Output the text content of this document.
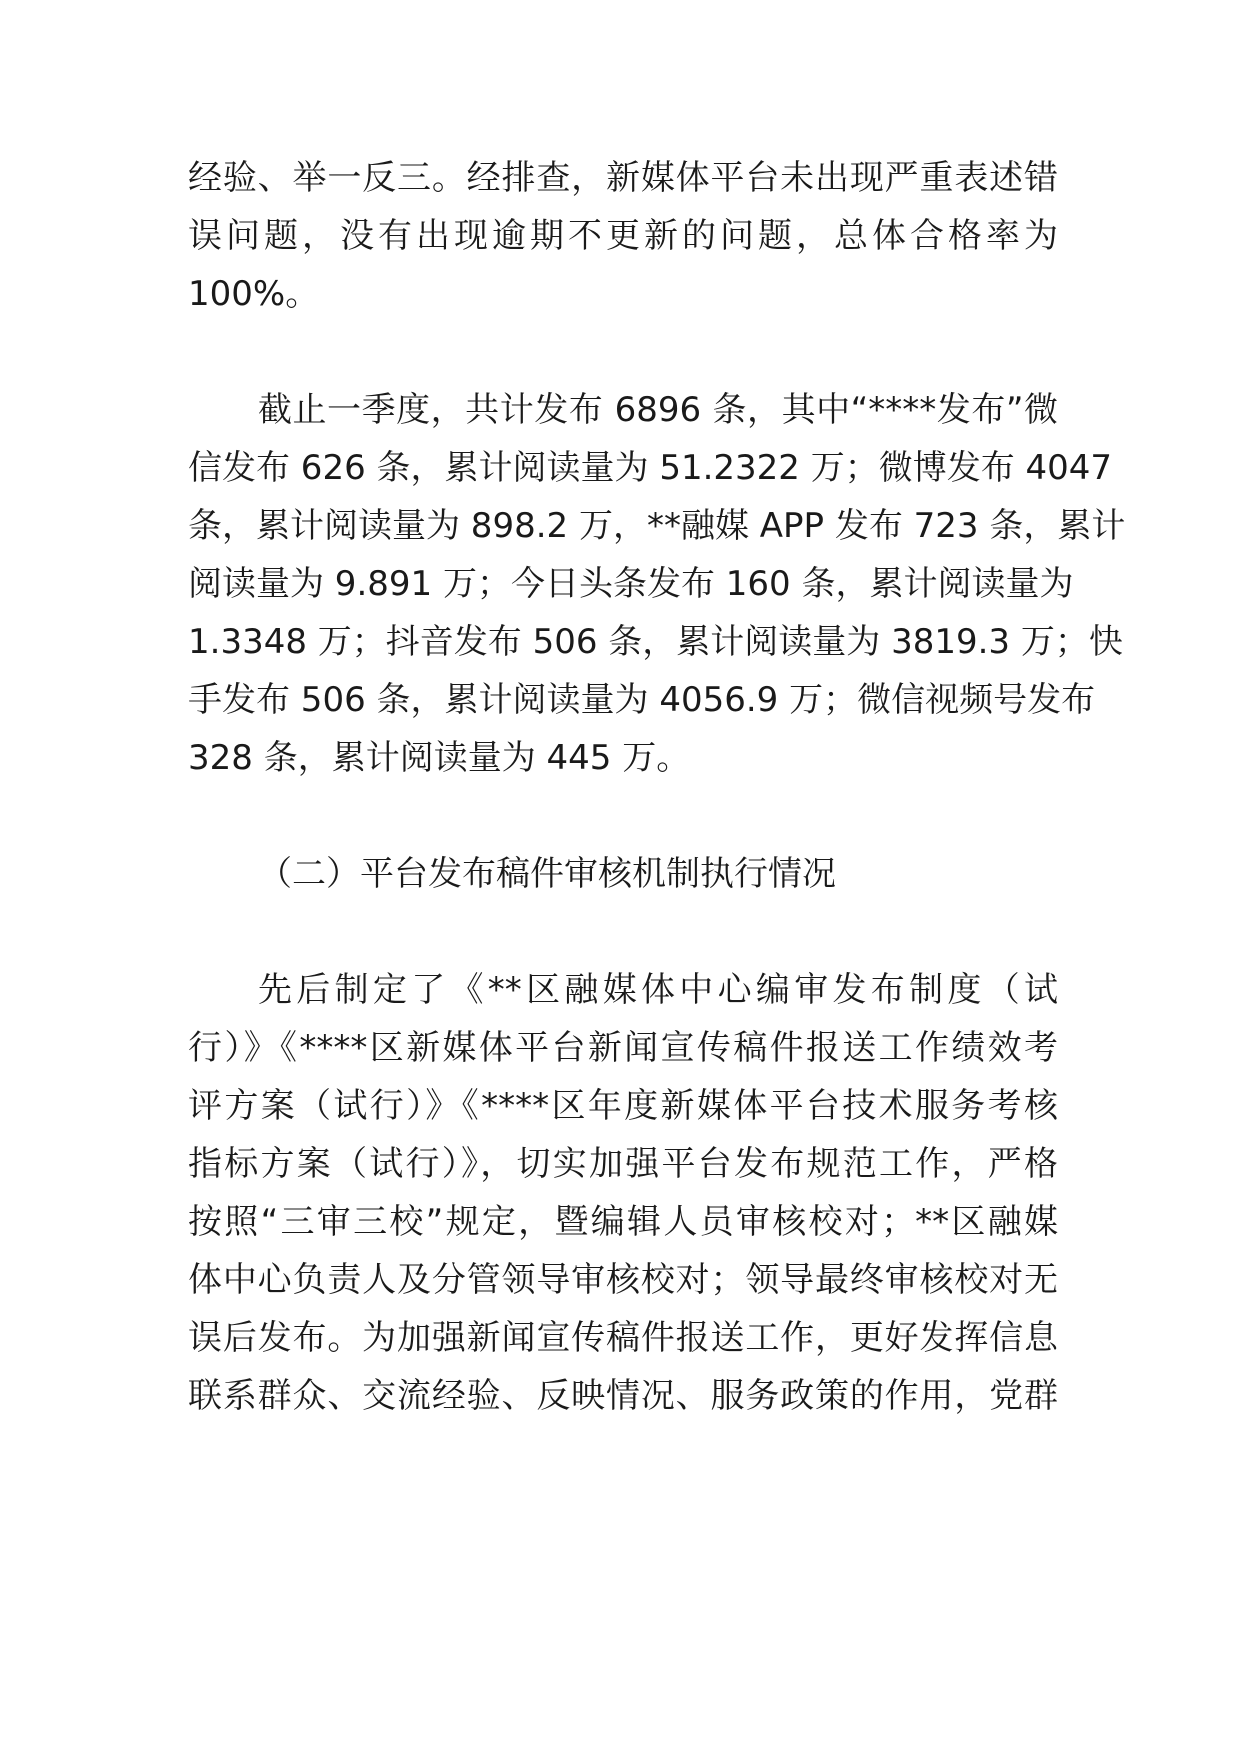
经验、举一反三。经排查，新媒体平台未出现严重表述错
误问题，没有出现逾期不更新的问题，总体合格率为
100%。
截止一季度，共计发布 6896 条，其中“****发布”微
信发布 626 条，累计阅读量为 51.2322 万；微博发布 4047
条，累计阅读量为 898.2 万，**融媒 APP 发布 723 条，累计
阅读量为 9.891 万；今日头条发布 160 条，累计阅读量为
1.3348 万；抖音发布 506 条，累计阅读量为 3819.3 万；快
手发布 506 条，累计阅读量为 4056.9 万；微信视频号发布
328 条，累计阅读量为 445 万。
（二）平台发布稿件审核机制执行情况
先后制定了《**区融媒体中心编审发布制度（试
行）》《****区新媒体平台新闻宣传稿件报送工作绩效考
评方案（试行）》《****区年度新媒体平台技术服务考核
指标方案（试行）》，切实加强平台发布规范工作，严格
按照“三审三校”规定，暨编辑人员审核校对；**区融媒
体中心负责人及分管领导审核校对；领导最终审核校对无
误后发布。为加强新闻宣传稿件报送工作，更好发挥信息
联系群众、交流经验、反映情况、服务政策的作用，党群
